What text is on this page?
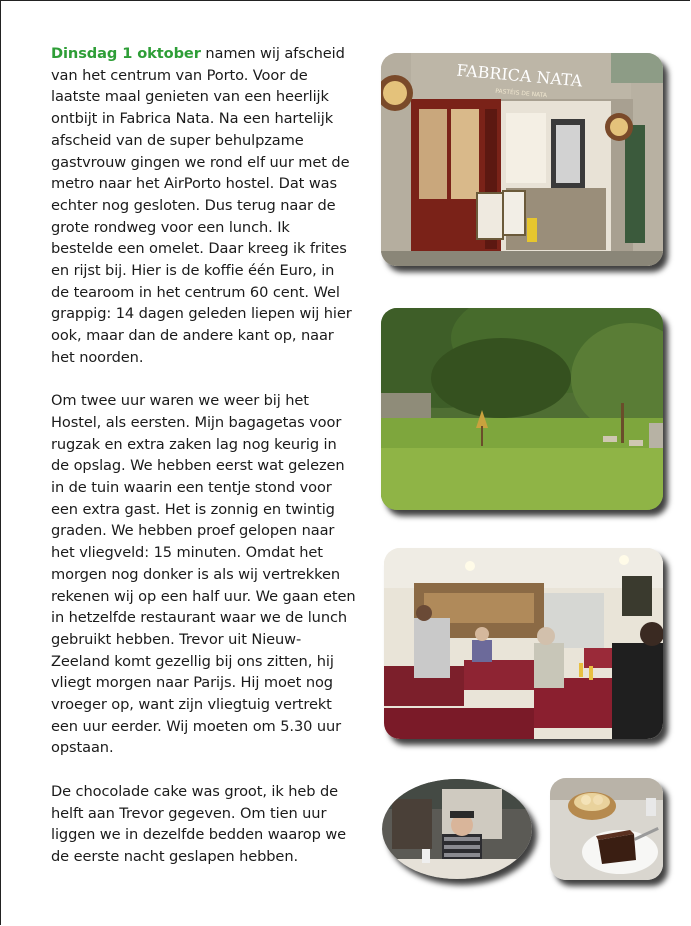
Dinsdag 1 oktober namen wij afscheid van het centrum van Porto. Voor de laatste maal genieten van een heerlijk ontbijt in Fabrica Nata. Na een hartelijk afscheid van de super behulpzame gastvrouw gingen we rond elf uur met de metro naar het AirPorto hostel. Dat was echter nog gesloten. Dus terug naar de grote rondweg voor een lunch. Ik bestelde een omelet. Daar kreeg ik frites en rijst bij. Hier is de koffie één Euro, in de tearoom in het centrum 60 cent. Wel grappig: 14 dagen geleden liepen wij hier ook, maar dan de andere kant op, naar het noorden.

Om twee uur waren we weer bij het Hostel, als eersten. Mijn bagagetas voor rugzak en extra zaken lag nog keurig in de opslag. We hebben eerst wat gelezen in de tuin waarin een tentje stond voor een extra gast. Het is zonnig en twintig graden. We hebben proef gelopen naar het vliegveld: 15 minuten. Omdat het morgen nog donker is als wij vertrekken rekenen wij op een half uur. We gaan eten in hetzelfde restaurant waar we de lunch gebruikt hebben. Trevor uit Nieuw-Zeeland komt gezellig bij ons zitten, hij vliegt morgen naar Parijs. Hij moet nog vroeger op, want zijn vliegtuig vertrekt een uur eerder. Wij moeten om 5.30 uur opstaan.

De chocolade cake was groot, ik heb de helft aan Trevor gegeven. Om tien uur liggen we in dezelfde bedden waarop we de eerste nacht geslapen hebben.

FABRICA NATA
PASTÉIS DE NATA
